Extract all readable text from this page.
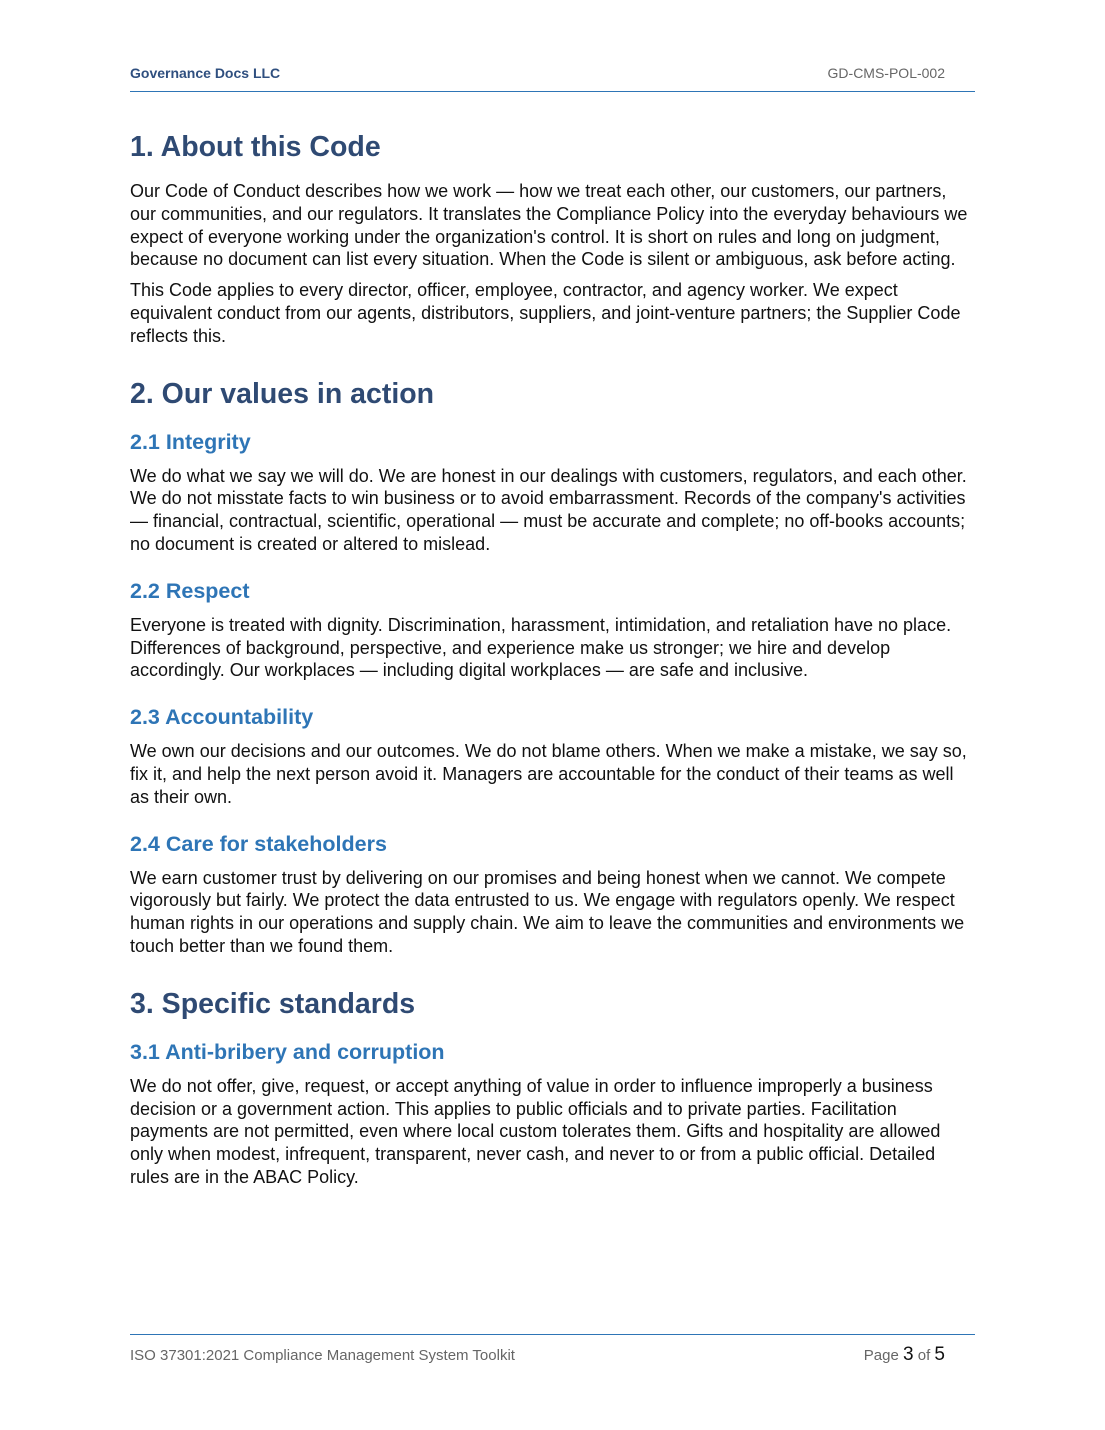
Governance Docs LLC	GD-CMS-POL-002
1. About this Code

Our Code of Conduct describes how we work — how we treat each other, our customers, our partners, our communities, and our regulators. It translates the Compliance Policy into the everyday behaviours we expect of everyone working under the organization's control. It is short on rules and long on judgment, because no document can list every situation. When the Code is silent or ambiguous, ask before acting.

This Code applies to every director, officer, employee, contractor, and agency worker. We expect equivalent conduct from our agents, distributors, suppliers, and joint-venture partners; the Supplier Code reflects this.

2. Our values in action
2.1 Integrity

We do what we say we will do. We are honest in our dealings with customers, regulators, and each other. We do not misstate facts to win business or to avoid embarrassment. Records of the company's activities — financial, contractual, scientific, operational — must be accurate and complete; no off-books accounts; no document is created or altered to mislead.

2.2 Respect

Everyone is treated with dignity. Discrimination, harassment, intimidation, and retaliation have no place. Differences of background, perspective, and experience make us stronger; we hire and develop accordingly. Our workplaces — including digital workplaces — are safe and inclusive.

2.3 Accountability

We own our decisions and our outcomes. We do not blame others. When we make a mistake, we say so, fix it, and help the next person avoid it. Managers are accountable for the conduct of their teams as well as their own.

2.4 Care for stakeholders

We earn customer trust by delivering on our promises and being honest when we cannot. We compete vigorously but fairly. We protect the data entrusted to us. We engage with regulators openly. We respect human rights in our operations and supply chain. We aim to leave the communities and environments we touch better than we found them.

3. Specific standards
3.1 Anti-bribery and corruption

We do not offer, give, request, or accept anything of value in order to influence improperly a business decision or a government action. This applies to public officials and to private parties. Facilitation payments are not permitted, even where local custom tolerates them. Gifts and hospitality are allowed only when modest, infrequent, transparent, never cash, and never to or from a public official. Detailed rules are in the ABAC Policy.

ISO 37301:2021 Compliance Management System Toolkit	Page 3 of 5
